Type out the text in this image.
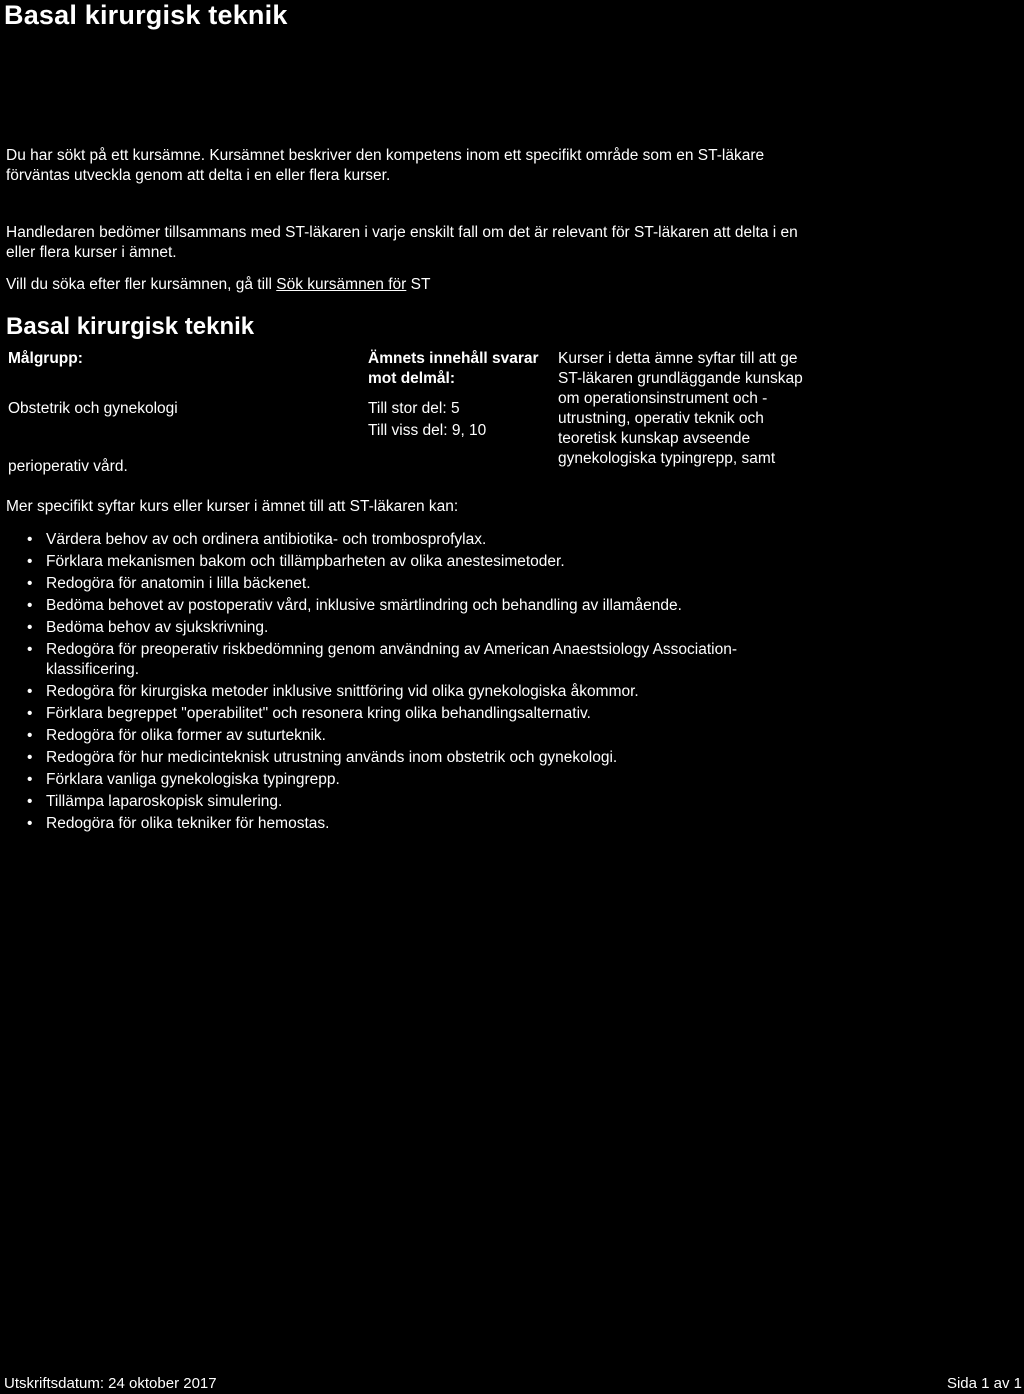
Basal kirurgisk teknik

Du har sökt på ett kursämne. Kursämnet beskriver den kompetens inom ett specifikt område som en ST-läkare förväntas utveckla genom att delta i en eller flera kurser.

Handledaren bedömer tillsammans med ST-läkaren i varje enskilt fall om det är relevant för ST-läkaren att delta i en eller flera kurser i ämnet.

Vill du söka efter fler kursämnen, gå till Sök kursämnen för ST

Basal kirurgisk teknik

Målgrupp:

Obstetrik och gynekologi
perioperativ vård.

Ämnets innehåll svarar mot delmål:

Till stor del: 5
Till viss del: 9, 10
Kurser i detta ämne syftar till att ge ST-läkaren grundläggande kunskap om operationsinstrument och -utrustning, operativ teknik och teoretisk kunskap avseende gynekologiska typingrepp, samt

Mer specifikt syftar kurs eller kurser i ämnet till att ST-läkaren kan:

• Värdera behov av och ordinera antibiotika- och trombosprofylax.
• Förklara mekanismen bakom och tillämpbarheten av olika anestesimetoder.
• Redogöra för anatomin i lilla bäckenet.
• Bedöma behovet av postoperativ vård, inklusive smärtlindring och behandling av illamående.
• Bedöma behov av sjukskrivning.
• Redogöra för preoperativ riskbedömning genom användning av American Anaestsiology Association-klassificering.
• Redogöra för kirurgiska metoder inklusive snittföring vid olika gynekologiska åkommor.
• Förklara begreppet "operabilitet" och resonera kring olika behandlingsalternativ.
• Redogöra för olika former av suturteknik.
• Redogöra för hur medicinteknisk utrustning används inom obstetrik och gynekologi.
• Förklara vanliga gynekologiska typingrepp.
• Tillämpa laparoskopisk simulering.
• Redogöra för olika tekniker för hemostas.
Utskriftsdatum: 24 oktober 2017	Sida 1 av 1
